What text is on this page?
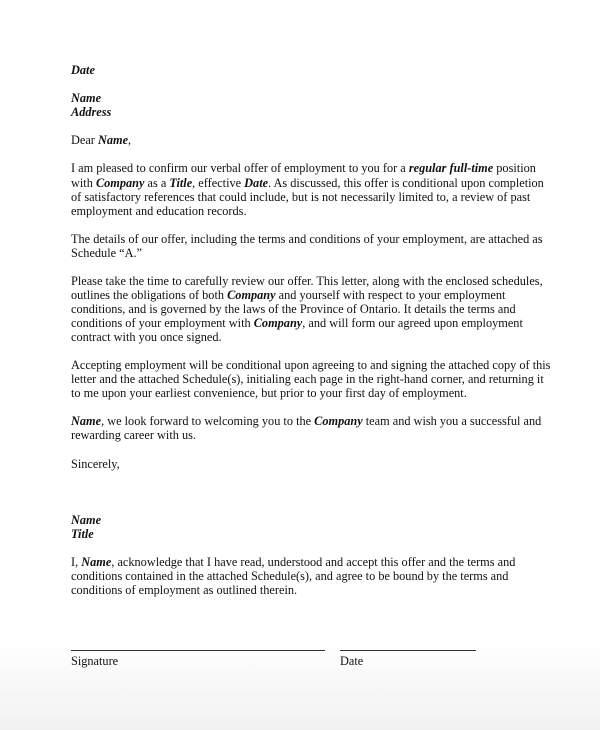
Date
Name
Address
Dear Name,
I am pleased to confirm our verbal offer of employment to you for a regular full-time position
with Company as a Title, effective Date. As discussed, this offer is conditional upon completion
of satisfactory references that could include, but is not necessarily limited to, a review of past
employment and education records.
The details of our offer, including the terms and conditions of your employment, are attached as
Schedule “A.”
Please take the time to carefully review our offer. This letter, along with the enclosed schedules,
outlines the obligations of both Company and yourself with respect to your employment
conditions, and is governed by the laws of the Province of Ontario. It details the terms and
conditions of your employment with Company, and will form our agreed upon employment
contract with you once signed.
Accepting employment will be conditional upon agreeing to and signing the attached copy of this
letter and the attached Schedule(s), initialing each page in the right-hand corner, and returning it
to me upon your earliest convenience, but prior to your first day of employment.
Name, we look forward to welcoming you to the Company team and wish you a successful and
rewarding career with us.
Sincerely,
Name
Title
I, Name, acknowledge that I have read, understood and accept this offer and the terms and
conditions contained in the attached Schedule(s), and agree to be bound by the terms and
conditions of employment as outlined therein.
Signature	Date
